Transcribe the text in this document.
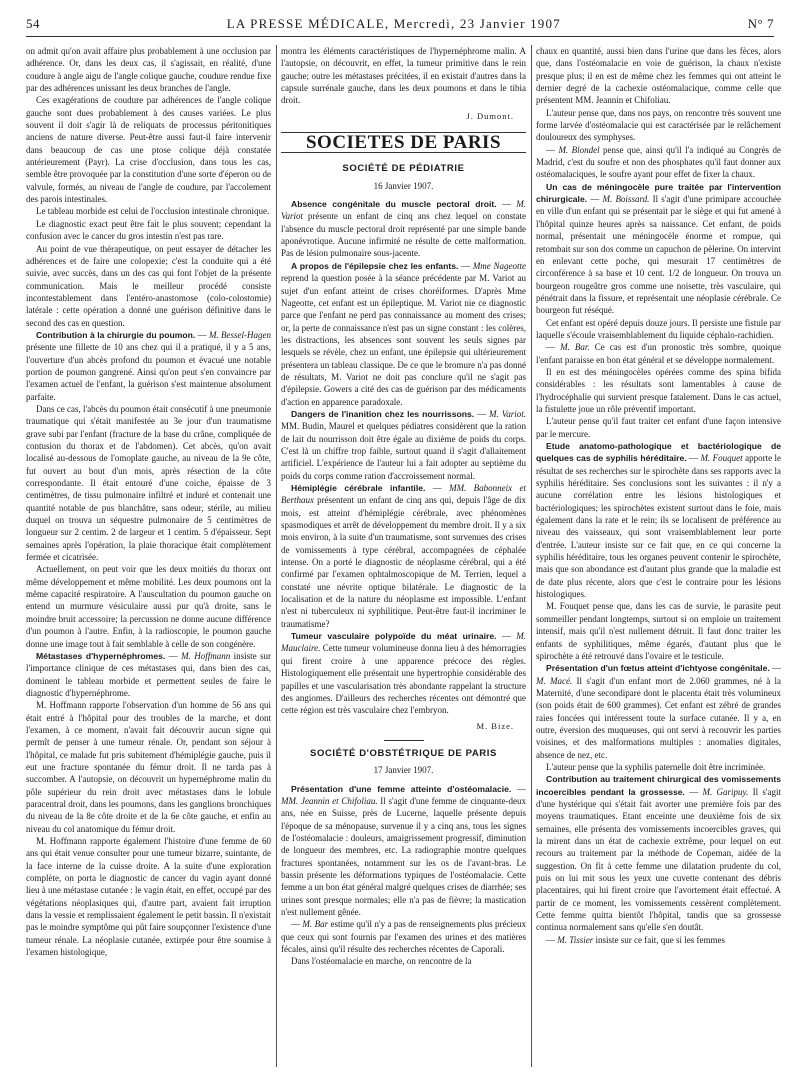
54	LA PRESSE MÉDICALE, Mercredi, 23 Janvier 1907	N° 7

on admit qu'on avait affaire plus probablement à une occlusion par adhérence. Or, dans les deux cas, il s'agissait, en réalité, d'une coudure à angle aigu de l'angle colique gauche, coudure rendue fixe par des adhérences unissant les deux branches de l'angle.

Ces exagérations de coudure par adhérences de l'angle colique gauche sont dues probablement à des causes variées. Le plus souvent il doit s'agir là de reliquats de processus péritonitiques anciens de nature diverse. Peut-être aussi faut-il faire intervenir dans beaucoup de cas une ptose colique déjà constatée antérieurement (Payr). La crise d'occlusion, dans tous les cas, semble être provoquée par la constitution d'une sorte d'éperon ou de valvule, formés, au niveau de l'angle de coudure, par l'accolement des parois intestinales.

Le tableau morbide est celui de l'occlusion intestinale chronique.

Le diagnostic exact peut être fait le plus souvent; cependant la confusion avec le cancer du gros intestin n'est pas rare.

Au point de vue thérapeutique, on peut essayer de détacher les adhérences et de faire une colopexie; c'est la conduite qui a été suivie, avec succès, dans un des cas qui font l'objet de la présente communication. Mais le meilleur procédé consiste incontestablement dans l'entéro-anastomose (colo-colostomie) latérale : cette opération a donné une guérison définitive dans le second des cas en question.

Contribution à la chirurgie du poumon. — M. Bessel-Hagen présente une fillette de 10 ans chez qui il a pratiqué, il y a 5 ans, l'ouverture d'un abcès profond du poumon et évacué une notable portion de poumon gangrené. Ainsi qu'on peut s'en convaincre par l'examen actuel de l'enfant, la guérison s'est maintenue absolument parfaite.

Dans ce cas, l'abcès du poumon était consécutif à une pneumonie traumatique qui s'était manifestée au 3e jour d'un traumatisme grave subi par l'enfant (fracture de la base du crâne, compliquée de contusion du thorax et de l'abdomen). Cet abcès, qu'on avait localisé au-dessous de l'omoplate gauche, au niveau de la 9e côte, fut ouvert au bout d'un mois, après résection de la côte correspondante. Il était entouré d'une coiche, épaisse de 3 centimètres, de tissu pulmonaire infiltré et induré et contenait une quantité notable de pus blanchâtre, sans odeur, stérile, au milieu duquel on trouva un séquestre pulmonaire de 5 centimètres de longueur sur 2 centim. 2 de largeur et 1 centim. 5 d'épaisseur. Sept semaines après l'opération, la plaie thoracique était complètement fermée et cicatrisée.

Actuellement, on peut voir que les deux moitiés du thorax ont même développement et même mobilité. Les deux poumons ont la même capacité respiratoire. A l'auscultation du poumon gauche on entend un murmure vésiculaire aussi pur qu'à droite, sans le moindre bruit accessoire; la percussion ne donne aucune différence d'un poumon à l'autre. Enfin, à la radioscopie, le poumon gauche donne une image tout à fait semblable à celle de son congénère.

Métastases d'hypernéphromes. — M. Hoffmann insiste sur l'importance clinique de ces métastases qui, dans bien des cas, dominent le tableau morbide et permettent seules de faire le diagnostic d'hypernéphrome.

M. Hoffmann rapporte l'observation d'un homme de 56 ans qui était entré à l'hôpital pour des troubles de la marche, et dont l'examen, à ce moment, n'avait fait découvrir aucun signe qui permît de penser à une tumeur rénale. Or, pendant son séjour à l'hôpital, ce malade fut pris subitement d'hémiplégie gauche, puis il eut une fracture spontanée du fémur droit. Il ne tarda pas à succomber. A l'autopsie, on découvrit un hypernéphrome malin du pôle supérieur du rein droit avec métastases dans le lobule paracentral droit, dans les poumons, dans les ganglions bronchiques du niveau de la 8e côte droite et de la 6e côte gauche, et enfin au niveau du col anatomique du fémur droit.

M. Hoffmann rapporte également l'histoire d'une femme de 60 ans qui était venue consulter pour une tumeur bizarre, suintante, de la face interne de la cuisse droite. A la suite d'une exploration complète, on porta le diagnostic de cancer du vagin ayant donné lieu à une métastase cutanée : le vagin était, en effet, occupé par des végétations néoplasiques qui, d'autre part, avaient fait irruption dans la vessie et remplissaient également le petit bassin. Il n'existait pas le moindre symptôme qui pût faire soupçonner l'existence d'une tumeur rénale. La néoplasie cutanée, extirpée pour être soumise à l'examen histologique,

montra les éléments caractéristiques de l'hypernéphrome malin. A l'autopsie, on découvrit, en effet, la tumeur primitive dans le rein gauche; outre les métastases précitées, il en existait d'autres dans la capsule surrénale gauche, dans les deux poumons et dans le tibia droit.

J. Dumont.
SOCIETES DE PARIS
SOCIÉTÉ DE PÉDIATRIE
16 Janvier 1907.

Absence congénitale du muscle pectoral droit. — M. Variot présente un enfant de cinq ans chez lequel on constate l'absence du muscle pectoral droit représenté par une simple bande aponévrotique. Aucune infirmité ne résulte de cette malformation. Pas de lésion pulmonaire sous-jacente.

A propos de l'épilepsie chez les enfants. — Mme Nageotte reprend la question posée à la séance précédente par M. Variot au sujet d'un enfant atteint de crises choréiformes. D'après Mme Nageotte, cet enfant est un épileptique. M. Variot nie ce diagnostic parce que l'enfant ne perd pas connaissance au moment des crises; or, la perte de connaissance n'est pas un signe constant : les colères, les distractions, les absences sont souvent les seuls signes par lesquels se révèle, chez un enfant, une épilepsie qui ultérieurement présentera un tableau classique. De ce que le bromure n'a pas donné de résultats, M. Variot ne doit pas conclure qu'il ne s'agit pas d'épilepsie. Gowers a cité des cas de guérison par des médicaments d'action en apparence paradoxale.

Dangers de l'inanition chez les nourrissons. — M. Variot. MM. Budin, Maurel et quelques pédiatres considèrent que la ration de lait du nourrisson doit être égale au dixième de poids du corps. C'est là un chiffre trop faible, surtout quand il s'agit d'allaitement artificiel. L'expérience de l'auteur lui a fait adopter au septième du poids du corps comme ration d'accroissement normal.

Hémiplégie cérébrale infantile. — MM. Babonneix et Berthaux présentent un enfant de cinq ans qui, depuis l'âge de dix mois, est atteint d'hémiplégie cérébrale, avec phénomènes spasmodiques et arrêt de développement du membre droit. Il y a six mois environ, à la suite d'un traumatisme, sont survenues des crises de vomissements à type cérébral, accompagnées de céphalée intense. On a porté le diagnostic de néoplasme cérébral, qui a été confirmé par l'examen ophtalmoscopique de M. Terrien, lequel a constaté une névrite optique bilatérale. Le diagnostic de la localisation et de la nature du néoplasme est impossible. L'enfant n'est ni tuberculeux ni syphilitique. Peut-être faut-il incriminer le traumatisme?

Tumeur vasculaire polypoïde du méat urinaire. — M. Mauclaire. Cette tumeur volumineuse donna lieu à des hémorragies qui firent croire à une apparence précoce des règles. Histologiquement elle présentait une hypertrophie considérable des papilles et une vascularisation très abondante rappelant la structure des angiomes. D'ailleurs des recherches récentes ont démontré que cette région est très vasculaire chez l'embryon.

M. Bize.
SOCIÉTÉ D'OBSTÉTRIQUE DE PARIS
17 Janvier 1907.

Présentation d'une femme atteinte d'ostéomalacie. — MM. Jeannin et Chifoliau. Il s'agit d'une femme de cinquante-deux ans, née en Suisse, près de Lucerne, laquelle présente depuis l'époque de sa ménopause, survenue il y a cinq ans, tous les signes de l'ostéomalacie : douleurs, amaigrissement progressif, diminution de longueur des membres, etc. La radiographie montre quelques fractures spontanées, notamment sur les os de l'avant-bras. Le bassin présente les déformations typiques de l'ostéomalacie. Cette femme a un bon état général malgré quelques crises de diarrhée; ses urines sont presque normales; elle n'a pas de fièvre; la mastication n'est nullement gênée.

— M. Bar estime qu'il n'y a pas de renseignements plus précieux que ceux qui sont fournis par l'examen des urines et des matières fécales, ainsi qu'il résulte des recherches récentes de Caporali.

Dans l'ostéomalacie en marche, on rencontre de la

chaux en quantité, aussi bien dans l'urine que dans les fèces, alors que, dans l'ostéomalacie en voie de guérison, la chaux n'existe presque plus; il en est de même chez les femmes qui ont atteint le dernier degré de la cachexie ostéomalacique, comme celle que présentent MM. Jeannin et Chifoliau.

L'auteur pense que, dans nos pays, on rencontre très souvent une forme larvée d'ostéomalacie qui est caractérisée par le relâchement douloureux des symphyses.

— M. Blondel pense que, ainsi qu'il l'a indiqué au Congrès de Madrid, c'est du soufre et non des phosphates qu'il faut donner aux ostéomalaciques, le soufre ayant pour effet de fixer la chaux.

Un cas de méningocèle pure traitée par l'intervention chirurgicale. — M. Boissard. Il s'agit d'une primipare accouchée en ville d'un enfant qui se présentait par le siège et qui fut amené à l'hôpital quinze heures après sa naissance. Cet enfant, de poids normal, présentait une méningocèle énorme et rompue, qui retombait sur son dos comme un capuchon de pèlerine. On intervint en enlevant cette poche, qui mesurait 17 centimètres de circonférence à sa base et 10 cent. 1/2 de longueur. On trouva un bourgeon rougeâtre gros comme une noisette, très vasculaire, qui pénétrait dans la fissure, et représentait une néoplasie cérébrale. Ce bourgeon fut réséqué.

Cet enfant est opéré depuis douze jours. Il persiste une fistule par laquelle s'écoule vraisemblablement du liquide céphalo-rachidien.

— M. Bar. Ce cas est d'un pronostic très sombre, quoique l'enfant paraisse en bon état général et se développe normalement.

Il en est des méningocèles opérées comme des spina bifida considérables : les résultats sont lamentables à cause de l'hydrocéphalie qui survient presque fatalement. Dans le cas actuel, la fistulette joue un rôle préventif important.

L'auteur pense qu'il faut traiter cet enfant d'une façon intensive par le mercure.

Etude anatomo-pathologique et bactériologique de quelques cas de syphilis héréditaire. — M. Fouquet apporte le résultat de ses recherches sur le spirochète dans ses rapports avec la syphilis héréditaire. Ses conclusions sont les suivantes : il n'y a aucune corrélation entre les lésions histologiques et bactériologiques; les spirochètes existent surtout dans le foie, mais également dans la rate et le rein; ils se localisent de préférence au niveau des vaisseaux, qui sont vraisemblablement leur porte d'entrée. L'auteur insiste sur ce fait que, en ce qui concerne la syphilis héréditaire, tous les organes peuvent contenir le spirochète, mais que son abondance est d'autant plus grande que la maladie est de date plus récente, alors que c'est le contraire pour les lésions histologiques.

M. Fouquet pense que, dans les cas de survie, le parasite peut sommeiller pendant longtemps, surtout si on emploie un traitement intensif, mais qu'il n'est nullement détruit. Il faut donc traiter les enfants de syphilitiques, même égarés, d'autant plus que le spirochète a été retrouvé dans l'ovaire et le testicule.

Présentation d'un fœtus atteint d'ichtyose congénitale. — M. Macé. Il s'agit d'un enfant mort de 2.060 grammes, né à la Maternité, d'une secondipare dont le placenta était très volumineux (son poids était de 600 grammes). Cet enfant est zébré de grandes raies foncées qui intéressent toute la surface cutanée. Il y a, en outre, éversion des muqueuses, qui ont servi à recouvrir les parties voisines, et des malformations multiples : anomalies digitales, absence de nez, etc.

L'auteur pense que la syphilis paternelle doit être incriminée.

Contribution au traitement chirurgical des vomissements incoercibles pendant la grossesse. — M. Garipuy. Il s'agit d'une hystérique qui s'était fait avorter une première fois par des moyens traumatiques. Etant enceinte une deuxième fois de six semaines, elle présenta des vomissements incoercibles graves, qui la mirent dans un état de cachexie extrême, pour lequel on eut recours au traitement par la méthode de Copeman, aidée de la suggestion. On fit à cette femme une dilatation prudente du col, puis on lui mit sous les yeux une cuvette contenant des débris placentaires, qui lui firent croire que l'avortement était effectué. A partir de ce moment, les vomissements cessèrent complètement. Cette femme quitta bientôt l'hôpital, tandis que sa grossesse continua normalement sans qu'elle s'en doutât.

— M. Tissier insiste sur ce fait, que si les femmes
